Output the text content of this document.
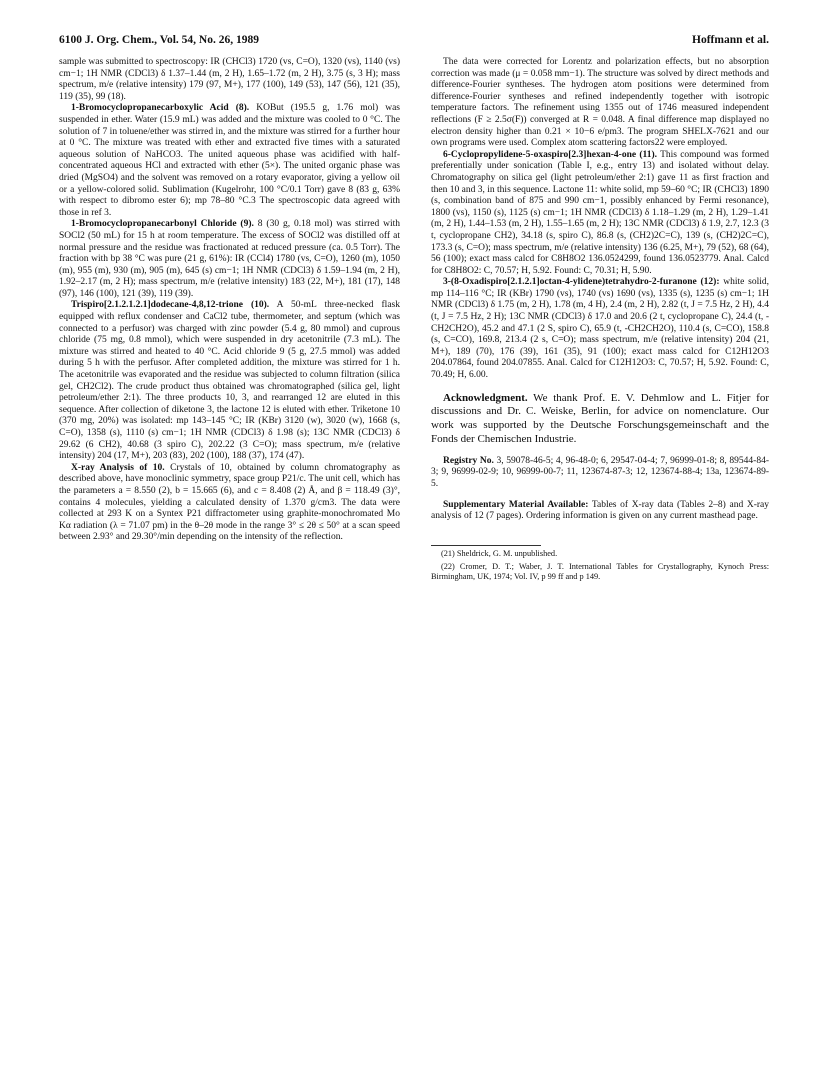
6100 J. Org. Chem., Vol. 54, No. 26, 1989	Hoffmann et al.

sample was submitted to spectroscopy: IR (CHCl3) 1720 (vs, C=O), 1320 (vs), 1140 (vs) cm−1; 1H NMR (CDCl3) δ 1.37–1.44 (m, 2 H), 1.65–1.72 (m, 2 H), 3.75 (s, 3 H); mass spectrum, m/e (relative intensity) 179 (97, M+), 177 (100), 149 (53), 147 (56), 121 (35), 119 (35), 99 (18).

1-Bromocyclopropanecarboxylic Acid (8). KOBut (195.5 g, 1.76 mol) was suspended in ether. Water (15.9 mL) was added and the mixture was cooled to 0 °C. The solution of 7 in toluene/ether was stirred in, and the mixture was stirred for a further hour at 0 °C. The mixture was treated with ether and extracted five times with a saturated aqueous solution of NaHCO3. The united aqueous phase was acidified with half-concentrated aqueous HCl and extracted with ether (5×). The united organic phase was dried (MgSO4) and the solvent was removed on a rotary evaporator, giving a yellow oil or a yellow-colored solid. Sublimation (Kugelrohr, 100 °C/0.1 Torr) gave 8 (83 g, 63% with respect to dibromo ester 6); mp 78–80 °C.3 The spectroscopic data agreed with those in ref 3.

1-Bromocyclopropanecarbonyl Chloride (9). 8 (30 g, 0.18 mol) was stirred with SOCl2 (50 mL) for 15 h at room temperature. The excess of SOCl2 was distilled off at normal pressure and the residue was fractionated at reduced pressure (ca. 0.5 Torr). The fraction with bp 38 °C was pure (21 g, 61%): IR (CCl4) 1780 (vs, C=O), 1260 (m), 1050 (m), 955 (m), 930 (m), 905 (m), 645 (s) cm−1; 1H NMR (CDCl3) δ 1.59–1.94 (m, 2 H), 1.92–2.17 (m, 2 H); mass spectrum, m/e (relative intensity) 183 (22, M+), 181 (17), 148 (97), 146 (100), 121 (39), 119 (39).

Trispiro[2.1.2.1.2.1]dodecane-4,8,12-trione (10). A 50-mL three-necked flask equipped with reflux condenser and CaCl2 tube, thermometer, and septum (which was connected to a perfusor) was charged with zinc powder (5.4 g, 80 mmol) and cuprous chloride (75 mg, 0.8 mmol), which were suspended in dry acetonitrile (7.3 mL). The mixture was stirred and heated to 40 °C. Acid chloride 9 (5 g, 27.5 mmol) was added during 5 h with the perfusor. After completed addition, the mixture was stirred for 1 h. The acetonitrile was evaporated and the residue was subjected to column filtration (silica gel, CH2Cl2). The crude product thus obtained was chromatographed (silica gel, light petroleum/ether 2:1). The three products 10, 3, and rearranged 12 are eluted in this sequence. After collection of diketone 3, the lactone 12 is eluted with ether. Triketone 10 (370 mg, 20%) was isolated: mp 143–145 °C; IR (KBr) 3120 (w), 3020 (w), 1668 (s, C=O), 1358 (s), 1110 (s) cm−1; 1H NMR (CDCl3) δ 1.98 (s); 13C NMR (CDCl3) δ 29.62 (6 CH2), 40.68 (3 spiro C), 202.22 (3 C=O); mass spectrum, m/e (relative intensity) 204 (17, M+), 203 (83), 202 (100), 188 (37), 174 (47).

X-ray Analysis of 10. Crystals of 10, obtained by column chromatography as described above, have monoclinic symmetry, space group P21/c. The unit cell, which has the parameters a = 8.550 (2), b = 15.665 (6), and c = 8.408 (2) Å, and β = 118.49 (3)°, contains 4 molecules, yielding a calculated density of 1.370 g/cm3. The data were collected at 293 K on a Syntex P21 diffractometer using graphite-monochromated Mo Kα radiation (λ = 71.07 pm) in the θ–2θ mode in the range 3° ≤ 2θ ≤ 50° at a scan speed between 2.93° and 29.30°/min depending on the intensity of the reflection.

The data were corrected for Lorentz and polarization effects, but no absorption correction was made (μ = 0.058 mm−1). The structure was solved by direct methods and difference-Fourier syntheses. The hydrogen atom positions were determined from difference-Fourier syntheses and refined independently together with isotropic temperature factors. The refinement using 1355 out of 1746 measured independent reflections (F ≥ 2.5σ(F)) converged at R = 0.048. A final difference map displayed no electron density higher than 0.21 × 10−6 e/pm3. The program SHELX-7621 and our own programs were used. Complex atom scattering factors22 were employed.

6-Cyclopropylidene-5-oxaspiro[2.3]hexan-4-one (11). This compound was formed preferentially under sonication (Table I, e.g., entry 13) and isolated without delay. Chromatography on silica gel (light petroleum/ether 2:1) gave 11 as first fraction and then 10 and 3, in this sequence. Lactone 11: white solid, mp 59–60 °C; IR (CHCl3) 1890 (s, combination band of 875 and 990 cm−1, possibly enhanced by Fermi resonance), 1800 (vs), 1150 (s), 1125 (s) cm−1; 1H NMR (CDCl3) δ 1.18–1.29 (m, 2 H), 1.29–1.41 (m, 2 H), 1.44–1.53 (m, 2 H), 1.55–1.65 (m, 2 H); 13C NMR (CDCl3) δ 1.9, 2.7, 12.3 (3 t, cyclopropane CH2), 34.18 (s, spiro C), 86.8 (s, (CH2)2C=C), 139 (s, (CH2)2C=C), 173.3 (s, C=O); mass spectrum, m/e (relative intensity) 136 (6.25, M+), 79 (52), 68 (64), 56 (100); exact mass calcd for C8H8O2 136.0524299, found 136.0523779. Anal. Calcd for C8H8O2: C, 70.57; H, 5.92. Found: C, 70.31; H, 5.90.

3-(8-Oxadispiro[2.1.2.1]octan-4-ylidene)tetrahydro-2-furanone (12): white solid, mp 114–116 °C; IR (KBr) 1790 (vs), 1740 (vs) 1690 (vs), 1335 (s), 1235 (s) cm−1; 1H NMR (CDCl3) δ 1.75 (m, 2 H), 1.78 (m, 4 H), 2.4 (m, 2 H), 2.82 (t, J = 7.5 Hz, 2 H), 4.4 (t, J = 7.5 Hz, 2 H); 13C NMR (CDCl3) δ 17.0 and 20.6 (2 t, cyclopropane C), 24.4 (t, -CH2CH2O), 45.2 and 47.1 (2 S, spiro C), 65.9 (t, -CH2CH2O), 110.4 (s, C=CO), 158.8 (s, C=CO), 169.8, 213.4 (2 s, C=O); mass spectrum, m/e (relative intensity) 204 (21, M+), 189 (70), 176 (39), 161 (35), 91 (100); exact mass calcd for C12H12O3 204.07864, found 204.07855. Anal. Calcd for C12H12O3: C, 70.57; H, 5.92. Found: C, 70.49; H, 6.00.

Acknowledgment. We thank Prof. E. V. Dehmlow and L. Fitjer for discussions and Dr. C. Weiske, Berlin, for advice on nomenclature. Our work was supported by the Deutsche Forschungsgemeinschaft and the Fonds der Chemischen Industrie.

Registry No. 3, 59078-46-5; 4, 96-48-0; 6, 29547-04-4; 7, 96999-01-8; 8, 89544-84-3; 9, 96999-02-9; 10, 96999-00-7; 11, 123674-87-3; 12, 123674-88-4; 13a, 123674-89-5.

Supplementary Material Available: Tables of X-ray data (Tables 2–8) and X-ray analysis of 12 (7 pages). Ordering information is given on any current masthead page.

(21) Sheldrick, G. M. unpublished.

(22) Cromer, D. T.; Waber, J. T. International Tables for Crystallography, Kynoch Press: Birmingham, UK, 1974; Vol. IV, p 99 ff and p 149.
